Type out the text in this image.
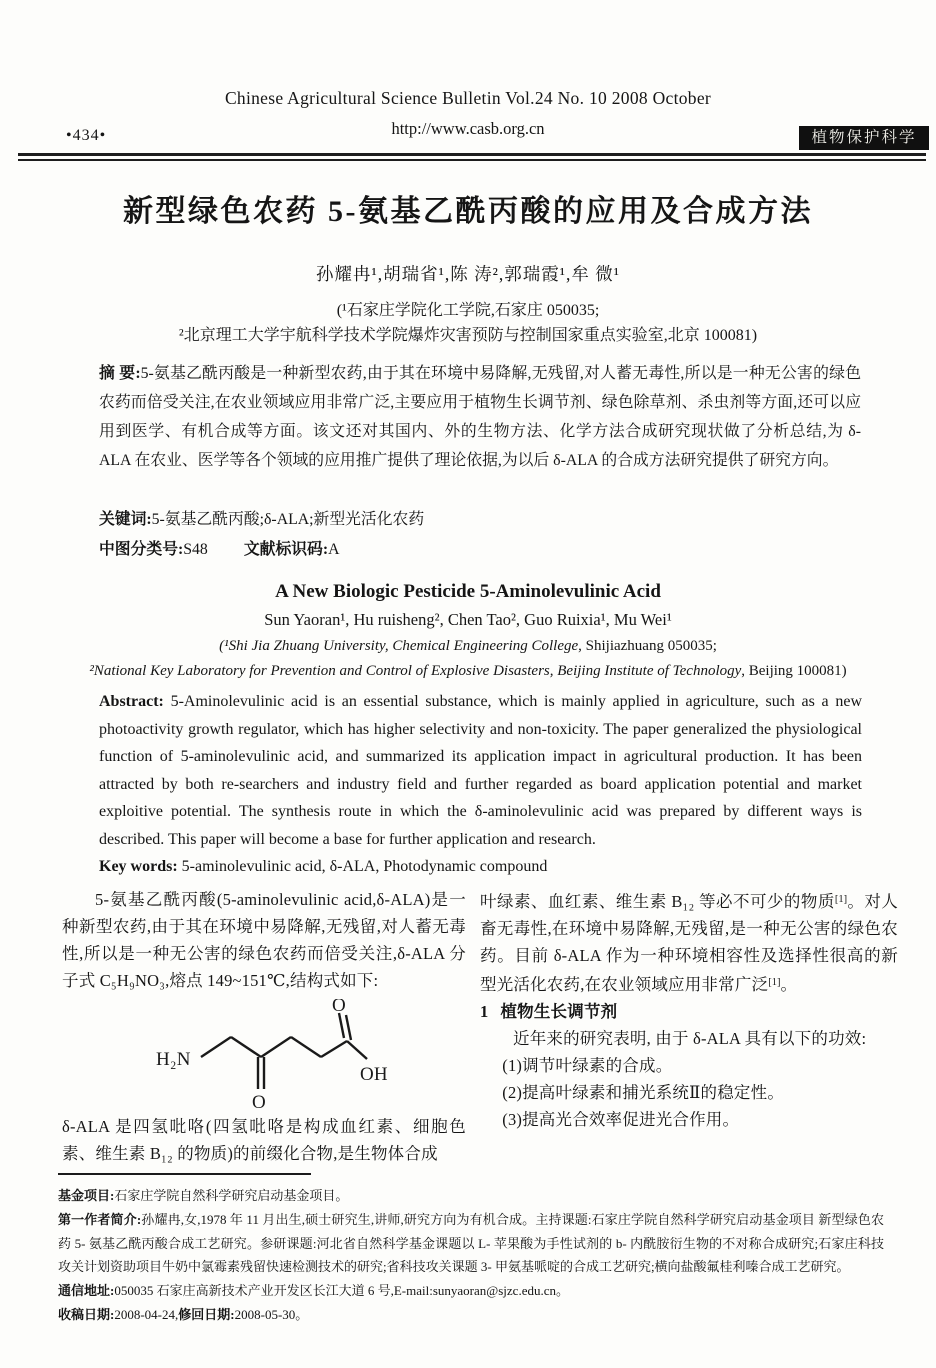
Chinese Agricultural Science Bulletin Vol.24 No. 10 2008 October
http://www.casb.org.cn
•434•	植物保护科学
新型绿色农药 5-氨基乙酰丙酸的应用及合成方法
孙耀冉¹,胡瑞省¹,陈 涛²,郭瑞霞¹,牟 微¹
(¹石家庄学院化工学院,石家庄 050035;
²北京理工大学宇航科学技术学院爆炸灾害预防与控制国家重点实验室,北京 100081)

摘 要:5-氨基乙酰丙酸是一种新型农药,由于其在环境中易降解,无残留,对人蓄无毒性,所以是一种无公害的绿色农药而倍受关注,在农业领域应用非常广泛,主要应用于植物生长调节剂、绿色除草剂、杀虫剂等方面,还可以应用到医学、有机合成等方面。该文还对其国内、外的生物方法、化学方法合成研究现状做了分析总结,为 δ-ALA 在农业、医学等各个领域的应用推广提供了理论依据,为以后 δ-ALA 的合成方法研究提供了研究方向。

关键词:5-氨基乙酰丙酸;δ-ALA;新型光活化农药

中图分类号:S48 文献标识码:A

A New Biologic Pesticide 5-Aminolevulinic Acid
Sun Yaoran¹, Hu ruisheng², Chen Tao², Guo Ruixia¹, Mu Wei¹
(¹Shi Jia Zhuang University, Chemical Engineering College, Shijiazhuang 050035;
²National Key Laboratory for Prevention and Control of Explosive Disasters, Beijing Institute of Technology, Beijing 100081)

Abstract: 5-Aminolevulinic acid is an essential substance, which is mainly applied in agriculture, such as a new photoactivity growth regulator, which has higher selectivity and non-toxicity. The paper generalized the physiological function of 5-aminolevulinic acid, and summarized its application impact in agricultural production. It has been attracted by both re-searchers and industry field and further regarded as board application potential and market exploitive potential. The synthesis route in which the δ-aminolevulinic acid was prepared by different ways is described. This paper will become a base for further application and research.

Key words: 5-aminolevulinic acid, δ-ALA, Photodynamic compound

5-氨基乙酰丙酸(5-aminolevulinic acid,δ-ALA)是一种新型农药,由于其在环境中易降解,无残留,对人蓄无毒性,所以是一种无公害的绿色农药而倍受关注,δ-ALA 分子式 C₅H₉NO₃,熔点 149~151℃,结构式如下:

H₂N
O
O
OH

δ-ALA 是四氢吡咯(四氢吡咯是构成血红素、细胞色素、维生素 B₁₂ 的物质)的前缀化合物,是生物体合成

叶绿素、血红素、维生素 B₁₂ 等必不可少的物质[1]。对人畜无毒性,在环境中易降解,无残留,是一种无公害的绿色农药。目前 δ-ALA 作为一种环境相容性及选择性很高的新型光活化农药,在农业领域应用非常广泛[1]。

1 植物生长调节剂

近年来的研究表明, 由于 δ-ALA 具有以下的功效:

(1)调节叶绿素的合成。

(2)提高叶绿素和捕光系统Ⅱ的稳定性。

(3)提高光合效率促进光合作用。

基金项目:石家庄学院自然科学研究启动基金项目。

第一作者简介:孙耀冉,女,1978 年 11 月出生,硕士研究生,讲师,研究方向为有机合成。主持课题:石家庄学院自然科学研究启动基金项目 新型绿色农药 5- 氨基乙酰丙酸合成工艺研究。参研课题:河北省自然科学基金课题以 L- 苹果酸为手性试剂的 b- 内酰胺衍生物的不对称合成研究;石家庄科技攻关计划资助项目牛奶中氯霉素残留快速检测技术的研究;省科技攻关课题 3- 甲氨基哌啶的合成工艺研究;横向盐酸氟桂利嗪合成工艺研究。

通信地址:050035 石家庄高新技术产业开发区长江大道 6 号,E-mail:sunyaoran@sjzc.edu.cn。

收稿日期:2008-04-24,修回日期:2008-05-30。
